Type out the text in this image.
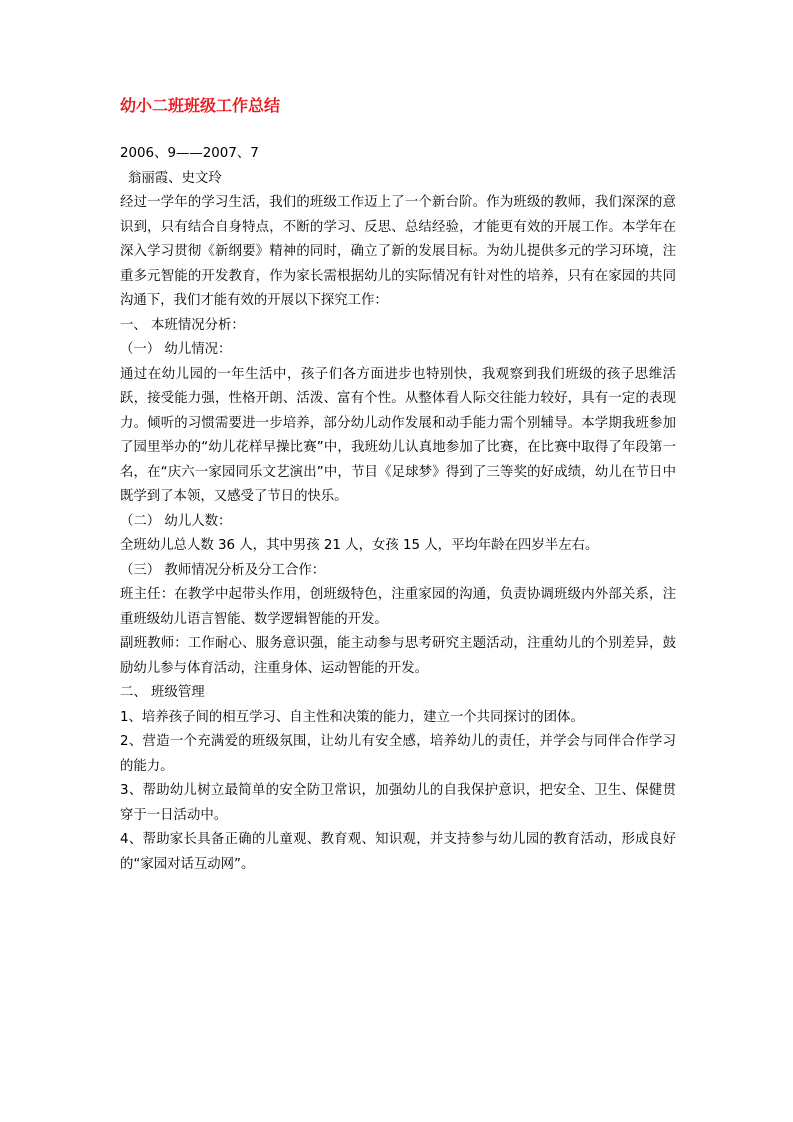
幼小二班班级工作总结

2006、9——2007、7

翁丽霞、史文玲

经过一学年的学习生活，我们的班级工作迈上了一个新台阶。作为班级的教师，我们深深的意识到，只有结合自身特点，不断的学习、反思、总结经验，才能更有效的开展工作。本学年在深入学习贯彻《新纲要》精神的同时，确立了新的发展目标。为幼儿提供多元的学习环境，注重多元智能的开发教育，作为家长需根据幼儿的实际情况有针对性的培养，只有在家园的共同沟通下，我们才能有效的开展以下探究工作：

一、 本班情况分析：

（一） 幼儿情况：

通过在幼儿园的一年生活中，孩子们各方面进步也特别快，我观察到我们班级的孩子思维活跃，接受能力强，性格开朗、活泼、富有个性。从整体看人际交往能力较好，具有一定的表现力。倾听的习惯需要进一步培养，部分幼儿动作发展和动手能力需个别辅导。本学期我班参加了园里举办的“幼儿花样早操比赛”中，我班幼儿认真地参加了比赛，在比赛中取得了年段第一名，在“庆六一家园同乐文艺演出”中，节目《足球梦》得到了三等奖的好成绩，幼儿在节日中既学到了本领，又感受了节日的快乐。

（二） 幼儿人数：

全班幼儿总人数 36 人，其中男孩 21 人，女孩 15 人，平均年龄在四岁半左右。

（三） 教师情况分析及分工合作：

班主任：在教学中起带头作用，创班级特色，注重家园的沟通，负责协调班级内外部关系，注重班级幼儿语言智能、数学逻辑智能的开发。

副班教师：工作耐心、服务意识强，能主动参与思考研究主题活动，注重幼儿的个别差异，鼓励幼儿参与体育活动，注重身体、运动智能的开发。

二、 班级管理

1、培养孩子间的相互学习、自主性和决策的能力，建立一个共同探讨的团体。

2、营造一个充满爱的班级氛围，让幼儿有安全感，培养幼儿的责任，并学会与同伴合作学习的能力。

3、帮助幼儿树立最简单的安全防卫常识，加强幼儿的自我保护意识，把安全、卫生、保健贯穿于一日活动中。

4、帮助家长具备正确的儿童观、教育观、知识观，并支持参与幼儿园的教育活动，形成良好的“家园对话互动网”。
